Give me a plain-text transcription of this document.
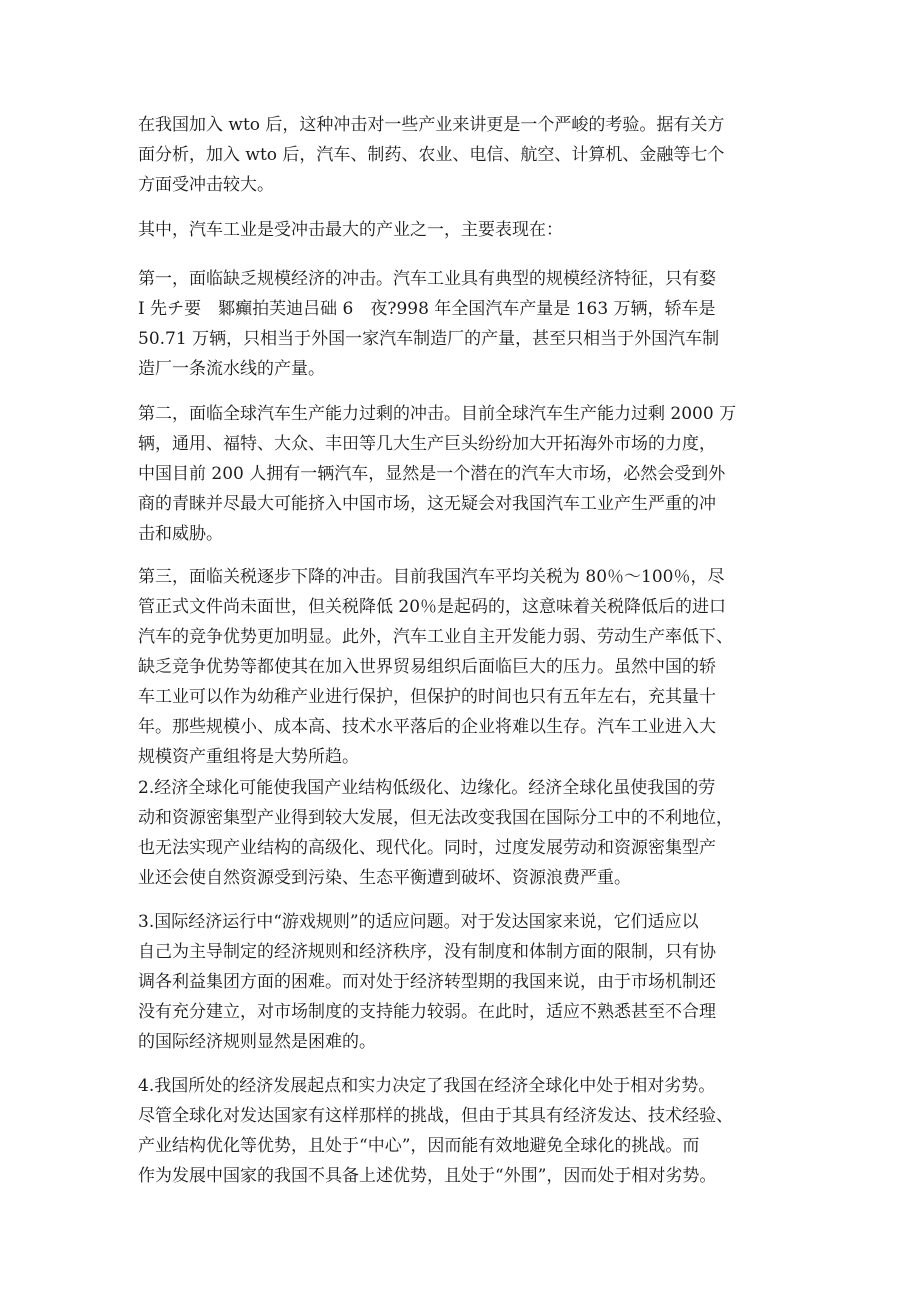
在我国加入 wto 后，这种冲击对一些产业来讲更是一个严峻的考验。据有关方
面分析，加入 wto 后，汽车、制药、农业、电信、航空、计算机、金融等七个
方面受冲击较大。
其中，汽车工业是受冲击最大的产业之一，主要表现在：
第一，面临缺乏规模经济的冲击。汽车工业具有典型的规模经济特征，只有婺
I 先チ要　鄹癲拍芙迪吕础 6　夜?998 年全国汽车产量是 163 万辆，轿车是
50.71 万辆，只相当于外国一家汽车制造厂的产量，甚至只相当于外国汽车制
造厂一条流水线的产量。
第二，面临全球汽车生产能力过剩的冲击。目前全球汽车生产能力过剩 2000 万
辆，通用、福特、大众、丰田等几大生产巨头纷纷加大开拓海外市场的力度，
中国目前 200 人拥有一辆汽车，显然是一个潜在的汽车大市场，必然会受到外
商的青睐并尽最大可能挤入中国市场，这无疑会对我国汽车工业产生严重的冲
击和威胁。
第三，面临关税逐步下降的冲击。目前我国汽车平均关税为 80％～100％，尽
管正式文件尚未面世，但关税降低 20％是起码的，这意味着关税降低后的进口
汽车的竞争优势更加明显。此外，汽车工业自主开发能力弱、劳动生产率低下、
缺乏竞争优势等都使其在加入世界贸易组织后面临巨大的压力。虽然中国的轿
车工业可以作为幼稚产业进行保护，但保护的时间也只有五年左右，充其量十
年。那些规模小、成本高、技术水平落后的企业将难以生存。汽车工业进入大
规模资产重组将是大势所趋。
2.经济全球化可能使我国产业结构低级化、边缘化。经济全球化虽使我国的劳
动和资源密集型产业得到较大发展，但无法改变我国在国际分工中的不利地位，
也无法实现产业结构的高级化、现代化。同时，过度发展劳动和资源密集型产
业还会使自然资源受到污染、生态平衡遭到破坏、资源浪费严重。
3.国际经济运行中“游戏规则”的适应问题。对于发达国家来说，它们适应以
自己为主导制定的经济规则和经济秩序，没有制度和体制方面的限制，只有协
调各利益集团方面的困难。而对处于经济转型期的我国来说，由于市场机制还
没有充分建立，对市场制度的支持能力较弱。在此时，适应不熟悉甚至不合理
的国际经济规则显然是困难的。
4.我国所处的经济发展起点和实力决定了我国在经济全球化中处于相对劣势。
尽管全球化对发达国家有这样那样的挑战，但由于其具有经济发达、技术经验、
产业结构优化等优势，且处于“中心”，因而能有效地避免全球化的挑战。而
作为发展中国家的我国不具备上述优势，且处于“外围”，因而处于相对劣势。
